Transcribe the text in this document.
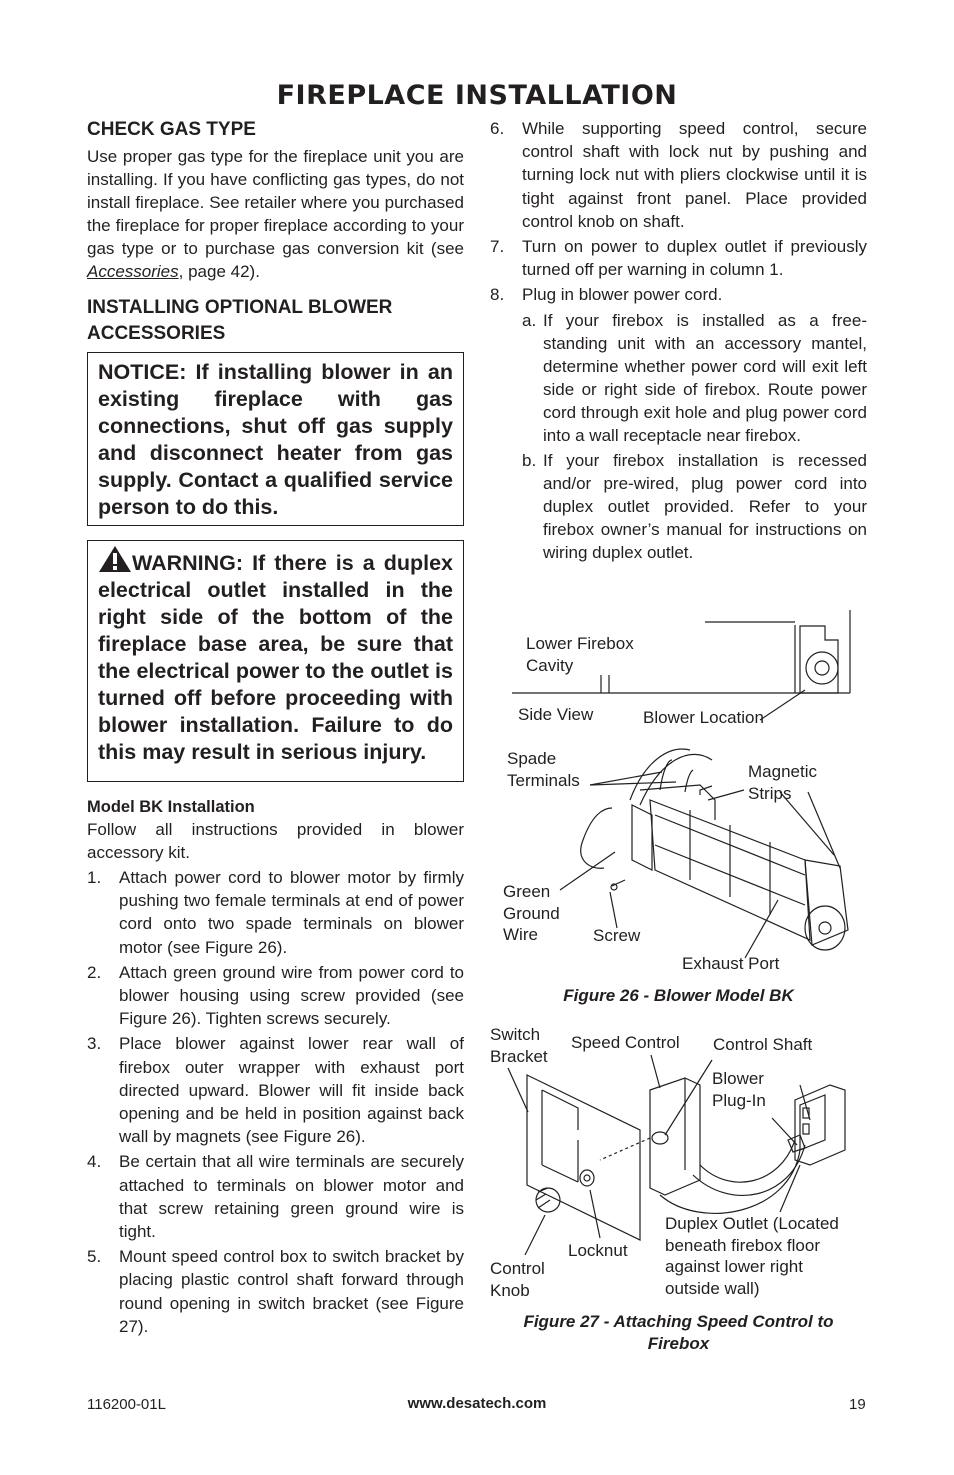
FIREPLACE INSTALLATION

CHECK GAS TYPE

Use proper gas type for the fireplace unit you are installing. If you have conflicting gas types, do not install fireplace. See retailer where you purchased the fireplace for proper fireplace according to your gas type or to purchase gas conversion kit (see Accessories, page 42).

INSTALLING OPTIONAL BLOWER ACCESSORIES

NOTICE: If installing blower in an existing fireplace with gas connections, shut off gas supply and disconnect heater from gas supply. Contact a qualified service person to do this.

WARNING: If there is a duplex electrical outlet installed in the right side of the bottom of the fireplace base area, be sure that the electrical power to the outlet is turned off before proceeding with blower installation. Failure to do this may result in serious injury.

Model BK Installation

Follow all instructions provided in blower accessory kit.

1. Attach power cord to blower motor by firmly pushing two female terminals at end of power cord onto two spade terminals on blower motor (see Figure 26).
2. Attach green ground wire from power cord to blower housing using screw provided (see Figure 26). Tighten screws securely.
3. Place blower against lower rear wall of firebox outer wrapper with exhaust port directed upward. Blower will fit inside back opening and be held in position against back wall by magnets (see Figure 26).
4. Be certain that all wire terminals are securely attached to terminals on blower motor and that screw retaining green ground wire is tight.
5. Mount speed control box to switch bracket by placing plastic control shaft forward through round opening in switch bracket (see Figure 27).
6. While supporting speed control, secure control shaft with lock nut by pushing and turning lock nut with pliers clockwise until it is tight against front panel. Place provided control knob on shaft.
7. Turn on power to duplex outlet if previously turned off per warning in column 1.
8. Plug in blower power cord.
a. If your firebox is installed as a free-standing unit with an accessory mantel, determine whether power cord will exit left side or right side of firebox. Route power cord through exit hole and plug power cord into a wall receptacle near firebox.
b. If your firebox installation is recessed and/or pre-wired, plug power cord into duplex outlet provided. Refer to your firebox owner’s manual for instructions on wiring duplex outlet.
Lower Firebox
Cavity
Side View	Blower Location
Spade
Terminals	Magnetic
Strips
Green
Ground
Wire	Screw
Exhaust Port
Figure 26 - Blower Model BK
Switch
Bracket
Speed Control Control Shaft
Blower
Plug-In
Duplex Outlet (Located
beneath firebox floor
against lower right
outside wall)
Locknut
Control
Knob
Figure 27 - Attaching Speed Control to
Firebox
116200-01L	www.desatech.com	19
